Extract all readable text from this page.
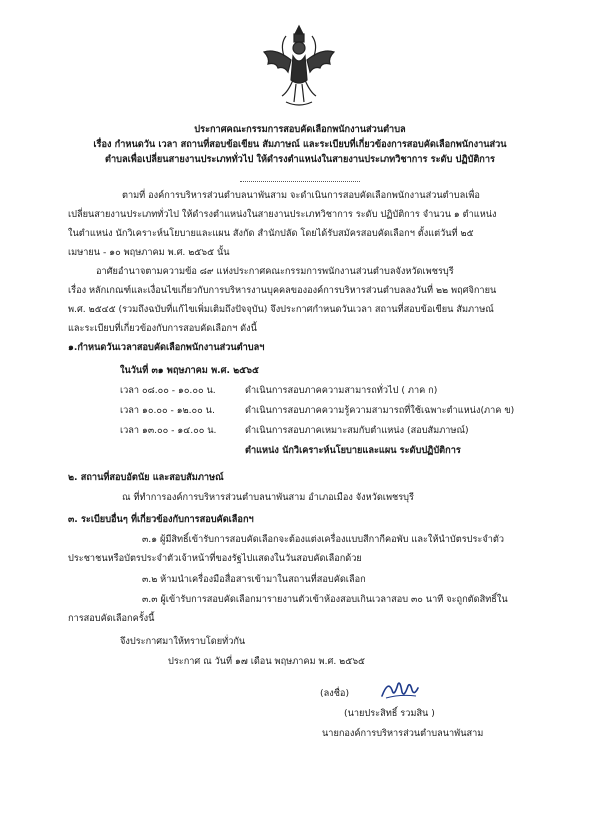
ประกาศคณะกรรมการสอบคัดเลือกพนักงานส่วนตำบล
เรื่อง กำหนดวัน เวลา สถานที่สอบข้อเขียน สัมภาษณ์ และระเบียบที่เกี่ยวข้องการสอบคัดเลือกพนักงานส่วน
ตำบลเพื่อเปลี่ยนสายงานประเภททั่วไป ให้ดำรงตำแหน่งในสายงานประเภทวิชาการ ระดับ ปฏิบัติการ
ตามที่ องค์การบริหารส่วนตำบลนาพันสาม จะดำเนินการสอบคัดเลือกพนักงานส่วนตำบลเพื่อ
เปลี่ยนสายงานประเภททั่วไป ให้ดำรงตำแหน่งในสายงานประเภทวิชาการ ระดับ ปฏิบัติการ จำนวน ๑ ตำแหน่ง
ในตำแหน่ง นักวิเคราะห์นโยบายและแผน สังกัด สำนักปลัด โดยได้รับสมัครสอบคัดเลือกฯ ตั้งแต่วันที่ ๒๕
เมษายน - ๑๐ พฤษภาคม พ.ศ. ๒๕๖๕ นั้น
อาศัยอำนาจตามความข้อ ๘๙ แห่งประกาศคณะกรรมการพนักงานส่วนตำบลจังหวัดเพชรบุรี
เรื่อง หลักเกณฑ์และเงื่อนไขเกี่ยวกับการบริหารงานบุคคลขององค์การบริหารส่วนตำบลลงวันที่ ๒๒ พฤศจิกายน
พ.ศ. ๒๕๔๕ (รวมถึงฉบับที่แก้ไขเพิ่มเติมถึงปัจจุบัน) จึงประกาศกำหนดวันเวลา สถานที่สอบข้อเขียน สัมภาษณ์
และระเบียบที่เกี่ยวข้องกับการสอบคัดเลือกฯ ดังนี้
๑.กำหนดวันเวลาสอบคัดเลือกพนักงานส่วนตำบลฯ
ในวันที่ ๓๑ พฤษภาคม พ.ศ. ๒๕๖๕
เวลา ๐๘.๐๐ - ๑๐.๐๐ น.	ดำเนินการสอบภาคความสามารถทั่วไป ( ภาค ก)
เวลา ๑๐.๐๐ - ๑๒.๐๐ น.	ดำเนินการสอบภาคความรู้ความสามารถที่ใช้เฉพาะตำแหน่ง(ภาค ข)
เวลา ๑๓.๐๐ - ๑๔.๐๐ น.	ดำเนินการสอบภาคเหมาะสมกับตำแหน่ง (สอบสัมภาษณ์)
ตำแหน่ง นักวิเคราะห์นโยบายและแผน ระดับปฏิบัติการ
๒. สถานที่สอบอัตนัย และสอบสัมภาษณ์
ณ ที่ทำการองค์การบริหารส่วนตำบลนาพันสาม อำเภอเมือง จังหวัดเพชรบุรี
๓. ระเบียบอื่นๆ ที่เกี่ยวข้องกับการสอบคัดเลือกฯ
๓.๑ ผู้มีสิทธิ์เข้ารับการสอบคัดเลือกจะต้องแต่งเครื่องแบบสีกากีคอพับ และให้นำบัตรประจำตัว
ประชาชนหรือบัตรประจำตัวเจ้าหน้าที่ของรัฐไปแสดงในวันสอบคัดเลือกด้วย
๓.๒ ห้ามนำเครื่องมือสื่อสารเข้ามาในสถานที่สอบคัดเลือก
๓.๓ ผู้เข้ารับการสอบคัดเลือกมารายงานตัวเข้าห้องสอบเกินเวลาสอบ ๓๐ นาที จะถูกตัดสิทธิ์ใน
การสอบคัดเลือกครั้งนี้
จึงประกาศมาให้ทราบโดยทั่วกัน
ประกาศ ณ วันที่ ๑๗ เดือน พฤษภาคม พ.ศ. ๒๕๖๕
(ลงชื่อ)
(นายประสิทธิ์ รวมสิน )
นายกองค์การบริหารส่วนตำบลนาพันสาม
